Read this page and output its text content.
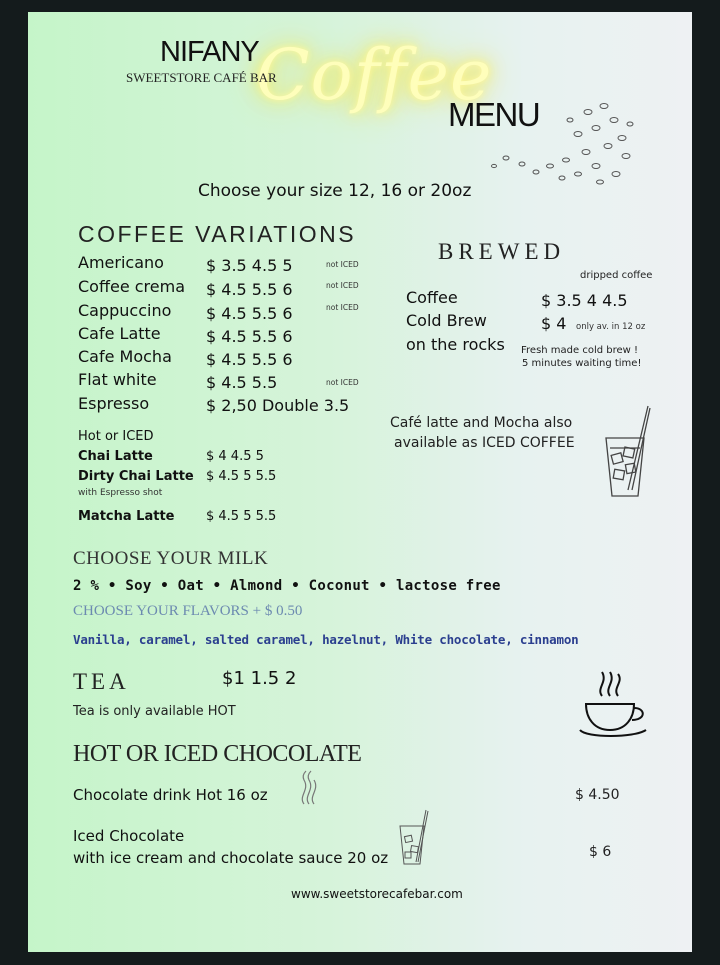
Coffee
NIFANY
SWEETSTORE CAFÉ BAR
MENU
Choose your size 12, 16 or 20oz
COFFEE VARIATIONS
Americano	$ 3.5 4.5 5	not ICED
Coffee crema $ 4.5 5.5 6	not ICED
Cappuccino $ 4.5 5.5 6	not ICED
Cafe Latte	$ 4.5 5.5 6
Cafe Mocha $ 4.5 5.5 6
Flat white	$ 4.5 5.5	not ICED
Espresso	$ 2,50 Double 3.5
Hot or ICED
Chai Latte	$ 4 4.5 5
Dirty Chai Latte $ 4.5 5 5.5
with Espresso shot
Matcha Latte $ 4.5 5 5.5
BREWED
dripped coffee
Coffee	$ 3.5 4 4.5
Cold Brew	$ 4 only av. in 12 oz
on the rocks Fresh made cold brew !
5 minutes waiting time!
Café latte and Mocha also
available as ICED COFFEE
CHOOSE YOUR MILK
2 % • Soy • Oat • Almond • Coconut • lactose free
CHOOSE YOUR FLAVORS + $ 0.50
Vanilla, caramel, salted caramel, hazelnut, White chocolate, cinnamon
TEA	$1 1.5 2
Tea is only available HOT
HOT OR ICED CHOCOLATE
Chocolate drink Hot 16 oz	$ 4.50
Iced Chocolate
with ice cream and chocolate sauce 20 oz	$ 6
www.sweetstorecafebar.com
